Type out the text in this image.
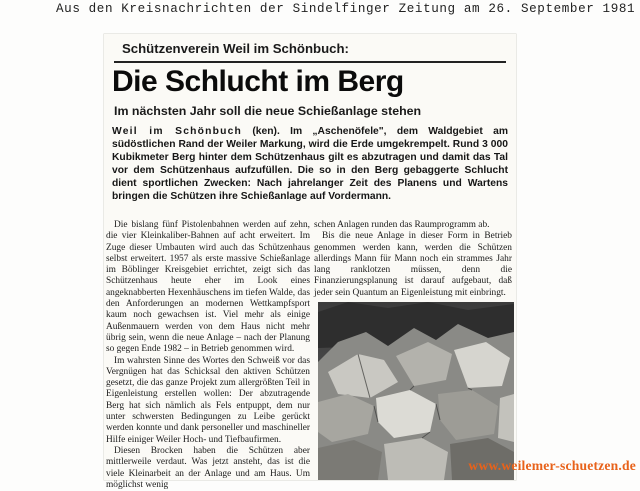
Aus den Kreisnachrichten der Sindelfinger Zeitung am 26. September 1981
Schützenverein Weil im Schönbuch:
Die Schlucht im Berg
Im nächsten Jahr soll die neue Schießanlage stehen
Weil im Schönbuch (ken). Im „Aschenöfele", dem Waldgebiet am südöstlichen Rand der Weiler Markung, wird die Erde umgekrempelt. Rund 3 000 Kubikmeter Berg hinter dem Schützenhaus gilt es abzutragen und damit das Tal vor dem Schützenhaus aufzufüllen. Die so in den Berg gebaggerte Schlucht dient sportlichen Zwecken: Nach jahrelanger Zeit des Planens und Wartens bringen die Schützen ihre Schießanlage auf Vordermann.

Die bislang fünf Pistolenbahnen werden auf zehn, die vier Kleinkaliber-Bahnen auf acht erweitert. Im Zuge dieser Umbauten wird auch das Schützenhaus selbst erweitert. 1957 als erste massive Schießanlage im Böblinger Kreisgebiet errichtet, zeigt sich das Schützenhaus heute eher im Look eines angeknabberten Hexenhäuschens im tiefen Walde, das den Anforderungen an modernen Wettkampfsport kaum noch gewachsen ist. Viel mehr als einige Außenmauern werden von dem Haus nicht mehr übrig sein, wenn die neue Anlage – nach der Planung so gegen Ende 1982 – in Betrieb genommen wird.

Im wahrsten Sinne des Wortes den Schweiß vor das Vergnügen hat das Schicksal den aktiven Schützen gesetzt, die das ganze Projekt zum allergrößten Teil in Eigenleistung erstellen wollen: Der abzutragende Berg hat sich nämlich als Fels entpuppt, dem nur unter schwersten Bedingungen zu Leibe gerückt werden konnte und dank personeller und maschineller Hilfe einiger Weiler Hoch- und Tiefbaufirmen.

Diesen Brocken haben die Schützen aber mittlerweile verdaut. Was jetzt ansteht, das ist die viele Kleinarbeit an der Anlage und am Haus. Um möglichst wenig

schen Anlagen runden das Raumprogramm ab.

Bis die neue Anlage in dieser Form in Betrieb genommen werden kann, werden die Schützen allerdings Mann für Mann noch ein strammes Jahr lang ranklotzen müssen, denn die Finanzierungsplanung ist darauf aufgebaut, daß jeder sein Quantum an Eigenleistung mit einbringt.

www.weilemer-schuetzen.de
